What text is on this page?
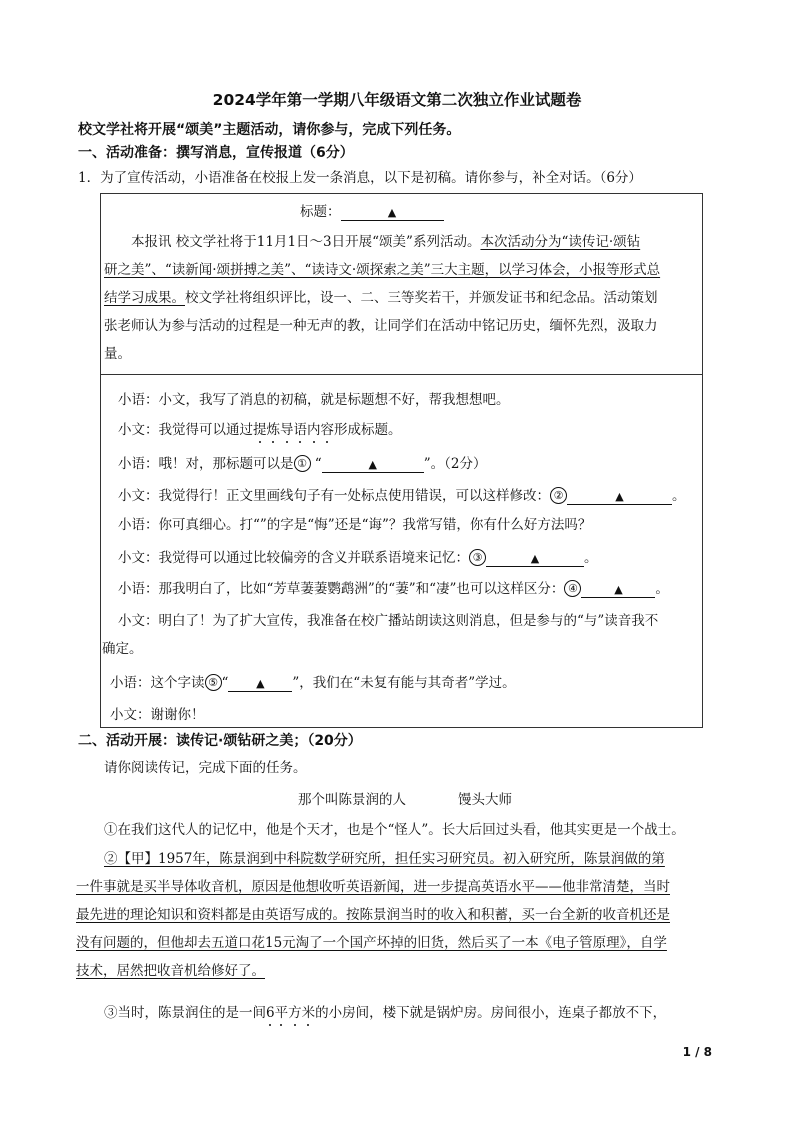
2024学年第一学期八年级语文第二次独立作业试题卷
校文学社将开展“颂美”主题活动，请你参与，完成下列任务。
一、活动准备：撰写消息，宣传报道（6分）
1．为了宣传活动，小语准备在校报上发一条消息，以下是初稿。请你参与，补全对话。（6分）
标题：	▲
本报讯 校文学社将于11月1日～3日开展“颂美”系列活动。本次活动分为“读传记·颂钻
研之美”、“读新闻·颂拼搏之美”、“读诗文·颂探索之美”三大主题，以学习体会，小报等形式总
结学习成果。校文学社将组织评比，设一、二、三等奖若干，并颁发证书和纪念品。活动策划
张老师认为参与活动的过程是一种无声的教，让同学们在活动中铭记历史，缅怀先烈，汲取力
量。
小语：小文，我写了消息的初稿，就是标题想不好，帮我想想吧。
小文：我觉得可以通过提炼导语内容形成标题。
小语：哦！对，那标题可以是 ① “	▲	”。（2分）
小文：我觉得行！正文里画线句子有一处标点使用错误，可以这样修改： ②	▲	。
小语：你可真细心。打“”的字是“悔”还是“诲”？我常写错，你有什么好方法吗？
小文：我觉得可以通过比较偏旁的含义并联系语境来记忆： ③	▲	。
小语：那我明白了，比如“芳草萋萋鹦鹉洲”的“萋”和“凄”也可以这样区分： ④	▲ 。
小文：明白了！为了扩大宣传，我准备在校广播站朗读这则消息，但是参与的“与”读音我不
确定。
小语：这个字读 ⑤ “	▲ ”，我们在“未复有能与其奇者”学过。
小文：谢谢你！
二、活动开展：读传记·颂钻研之美；（20分）
请你阅读传记，完成下面的任务。
那个叫陈景润的人	馒头大师
①在我们这代人的记忆中，他是个天才，也是个“怪人”。长大后回过头看，他其实更是一个战士。
②【甲】1957年，陈景润到中科院数学研究所，担任实习研究员。初入研究所，陈景润做的第
一件事就是买半导体收音机，原因是他想收听英语新闻，进一步提高英语水平——他非常清楚，当时
最先进的理论知识和资料都是由英语写成的。按陈景润当时的收入和积蓄，买一台全新的收音机还是
没有问题的，但他却去五道口花15元淘了一个国产坏掉的旧货，然后买了一本《电子管原理》，自学
技术，居然把收音机给修好了。
③当时，陈景润住的是一间6平方米的小房间，楼下就是锅炉房。房间很小，连桌子都放不下，
1 / 8
